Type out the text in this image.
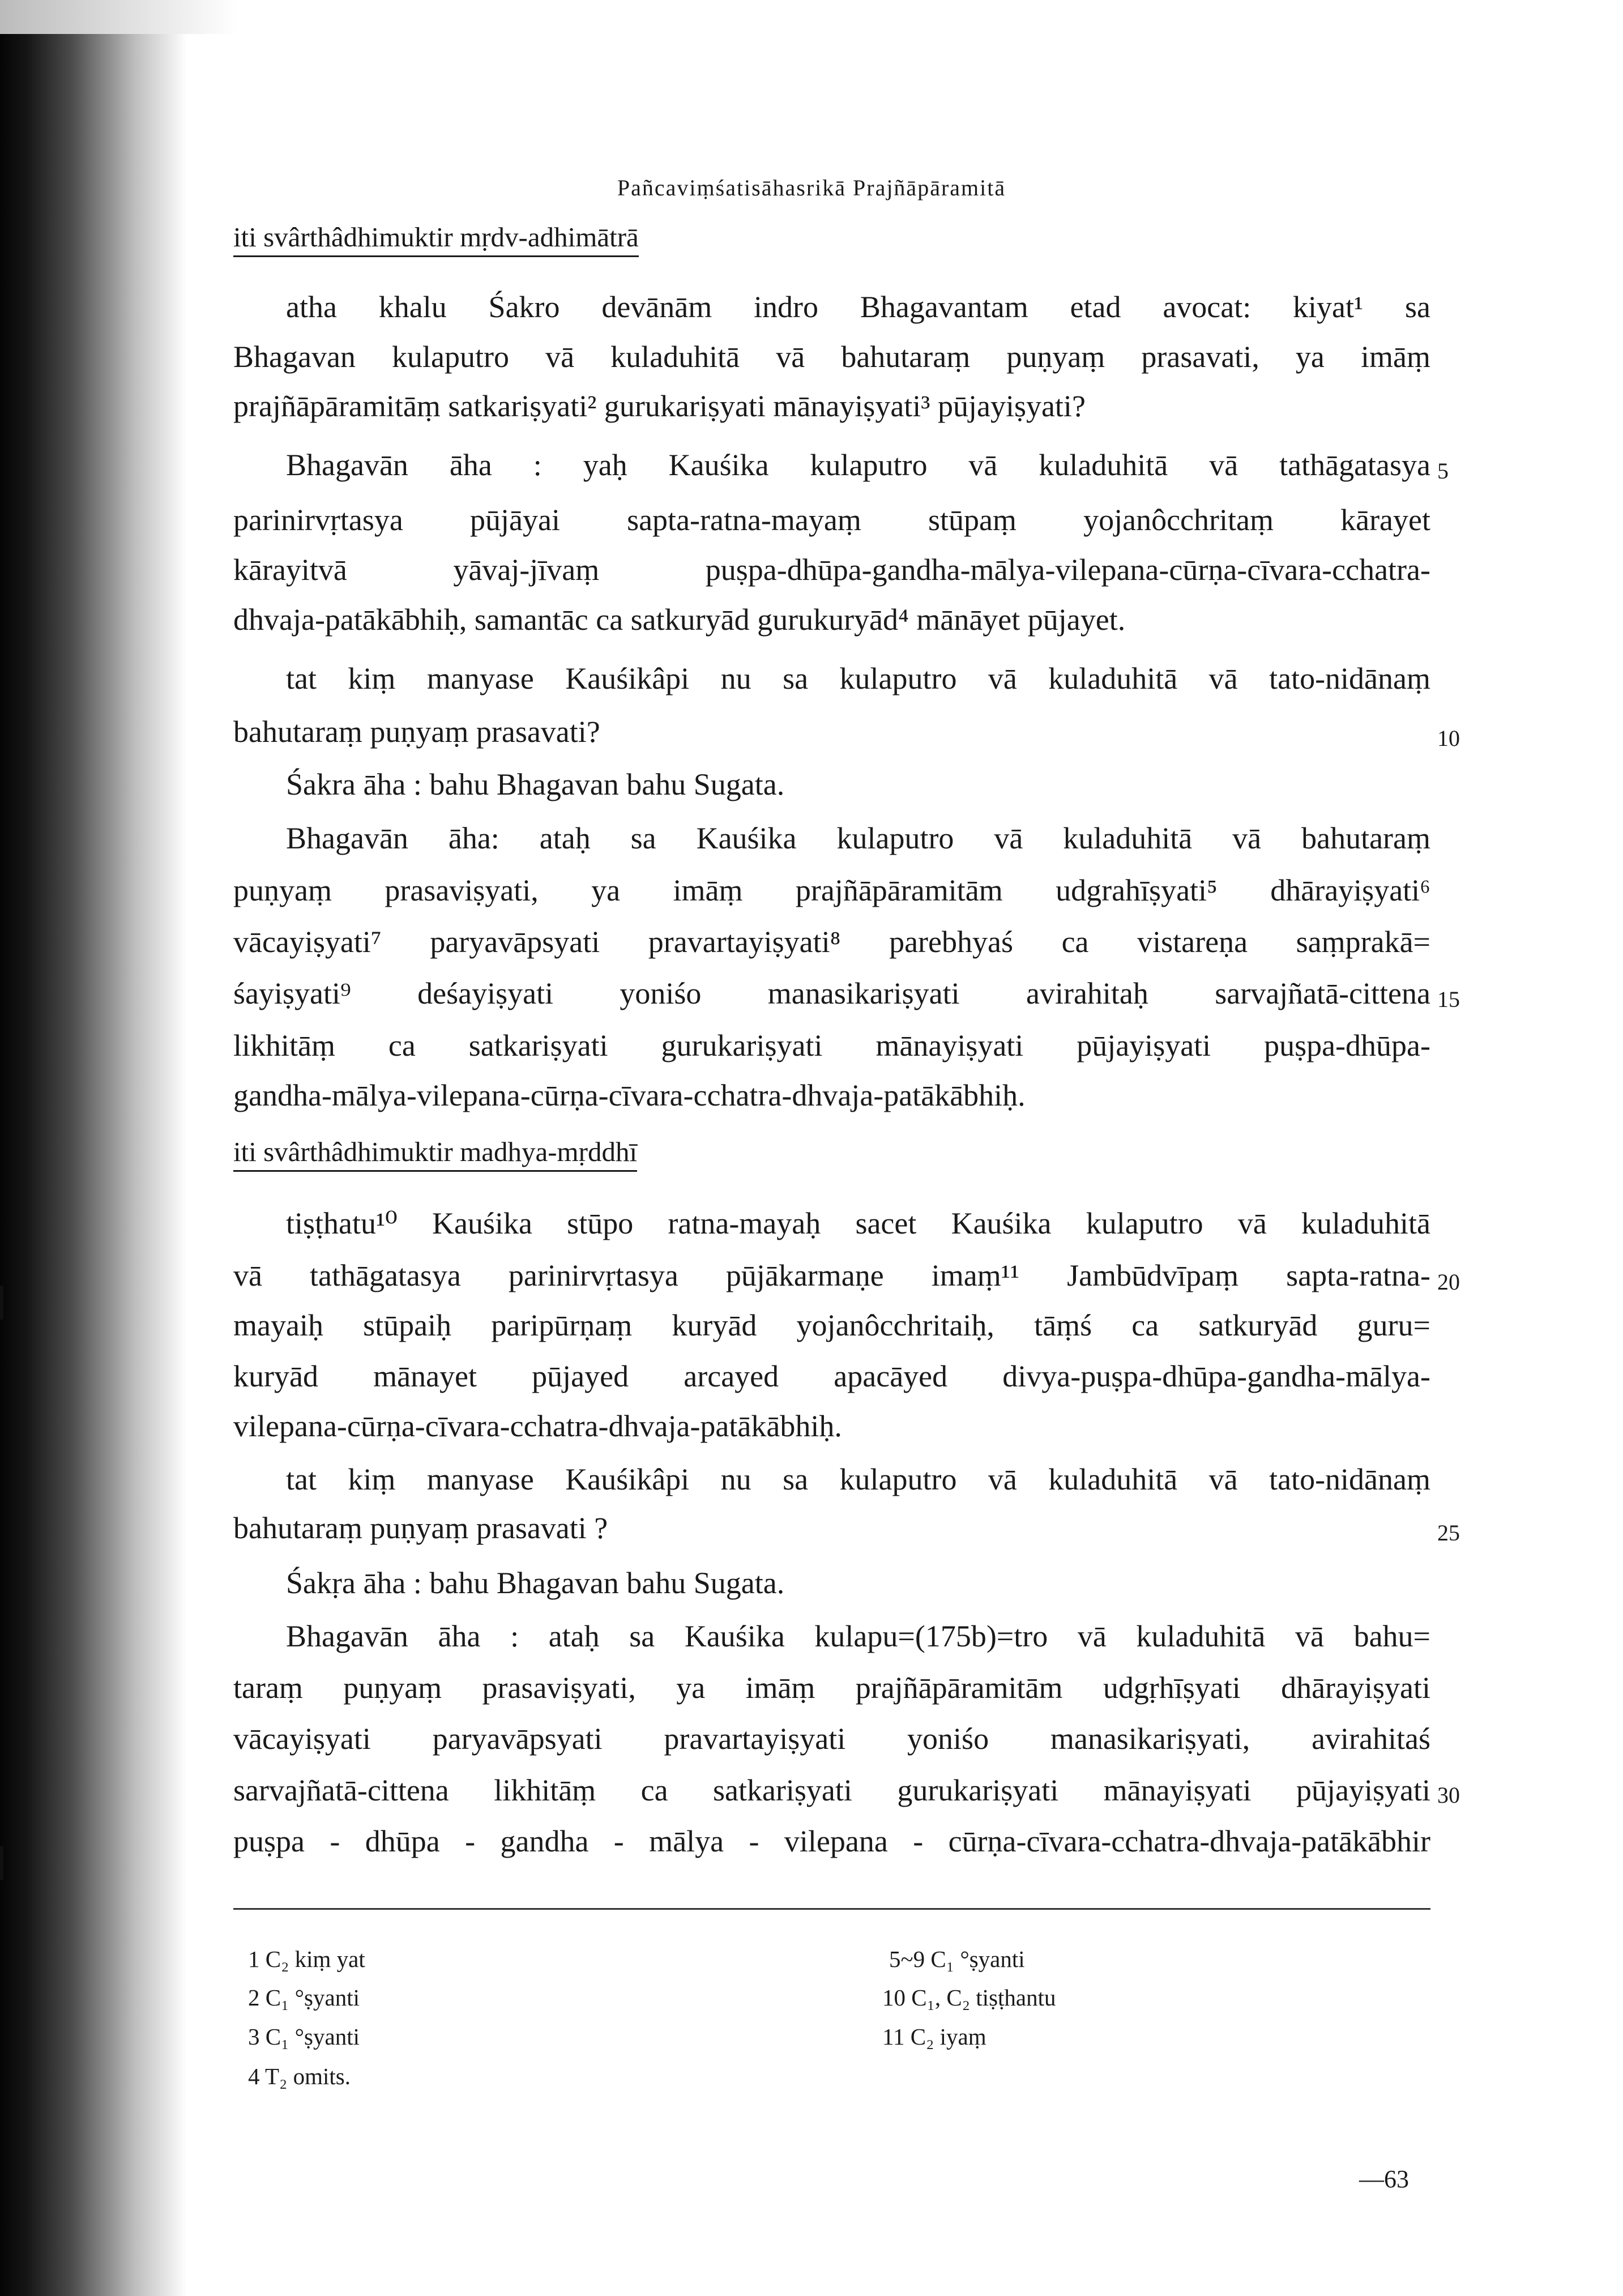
Pañcaviṃśatisāhasrikā Prajñāpāramitā
iti svârthâdhimuktir mṛdv-adhimātrā
atha khalu Śakro devānām indro Bhagavantam etad avocat: kiyat¹ sa
Bhagavan kulaputro vā kuladuhitā vā bahutaraṃ puṇyaṃ prasavati, ya imāṃ
prajñāpāramitāṃ satkariṣyati² gurukariṣyati mānayiṣyati³ pūjayiṣyati?
Bhagavān āha : yaḥ Kauśika kulaputro vā kuladuhitā vā tathāgatasya
parinirvṛtasya pūjāyai sapta-ratna-mayaṃ stūpaṃ yojanôcchritaṃ kārayet
kārayitvā yāvaj-jīvaṃ puṣpa-dhūpa-gandha-mālya-vilepana-cūrṇa-cīvara-cchatra-
dhvaja-patākābhiḥ, samantāc ca satkuryād gurukuryād⁴ mānāyet pūjayet.
tat kiṃ manyase Kauśikâpi nu sa kulaputro vā kuladuhitā vā tato-nidānaṃ
bahutaraṃ puṇyaṃ prasavati?
Śakra āha : bahu Bhagavan bahu Sugata.
Bhagavān āha: ataḥ sa Kauśika kulaputro vā kuladuhitā vā bahutaraṃ
puṇyaṃ prasaviṣyati, ya imāṃ prajñāpāramitām udgrahīṣyati⁵ dhārayiṣyati⁶
vācayiṣyati⁷ paryavāpsyati pravartayiṣyati⁸ parebhyaś ca vistareṇa saṃprakā=
śayiṣyati⁹ deśayiṣyati yoniśo manasikariṣyati avirahitaḥ sarvajñatā-cittena
likhitāṃ ca satkariṣyati gurukariṣyati mānayiṣyati pūjayiṣyati puṣpa-dhūpa-
gandha-mālya-vilepana-cūrṇa-cīvara-cchatra-dhvaja-patākābhiḥ.
iti svârthâdhimuktir madhya-mṛddhī
tiṣṭhatu¹⁰ Kauśika stūpo ratna-mayaḥ sacet Kauśika kulaputro vā kuladuhitā
vā tathāgatasya parinirvṛtasya pūjākarmaṇe imaṃ¹¹ Jambūdvīpaṃ sapta-ratna-
mayaiḥ stūpaiḥ paripūrṇaṃ kuryād yojanôcchritaiḥ, tāṃś ca satkuryād guru=
kuryād mānayet pūjayed arcayed apacāyed divya-puṣpa-dhūpa-gandha-mālya-
vilepana-cūrṇa-cīvara-cchatra-dhvaja-patākābhiḥ.
tat kiṃ manyase Kauśikâpi nu sa kulaputro vā kuladuhitā vā tato-nidānaṃ
bahutaraṃ puṇyaṃ prasavati ?
Śakṛa āha : bahu Bhagavan bahu Sugata.
Bhagavān āha : ataḥ sa Kauśika kulapu=(175b)=tro vā kuladuhitā vā bahu=
taraṃ puṇyaṃ prasaviṣyati, ya imāṃ prajñāpāramitām udgṛhīṣyati dhārayiṣyati
vācayiṣyati paryavāpsyati pravartayiṣyati yoniśo manasikariṣyati, avirahitaś
sarvajñatā-cittena likhitāṃ ca satkariṣyati gurukariṣyati mānayiṣyati pūjayiṣyati
puṣpa - dhūpa - gandha - mālya - vilepana - cūrṇa-cīvara-cchatra-dhvaja-patākābhir
5
10
15
20
25
30
1 C₂ kiṃ yat
2 C₁ °ṣyanti
3 C₁ °ṣyanti
4 T₂ omits.
5~9 C₁ °ṣyanti
10 C₁, C₂ tiṣṭhantu
11 C₂ iyaṃ
—63
